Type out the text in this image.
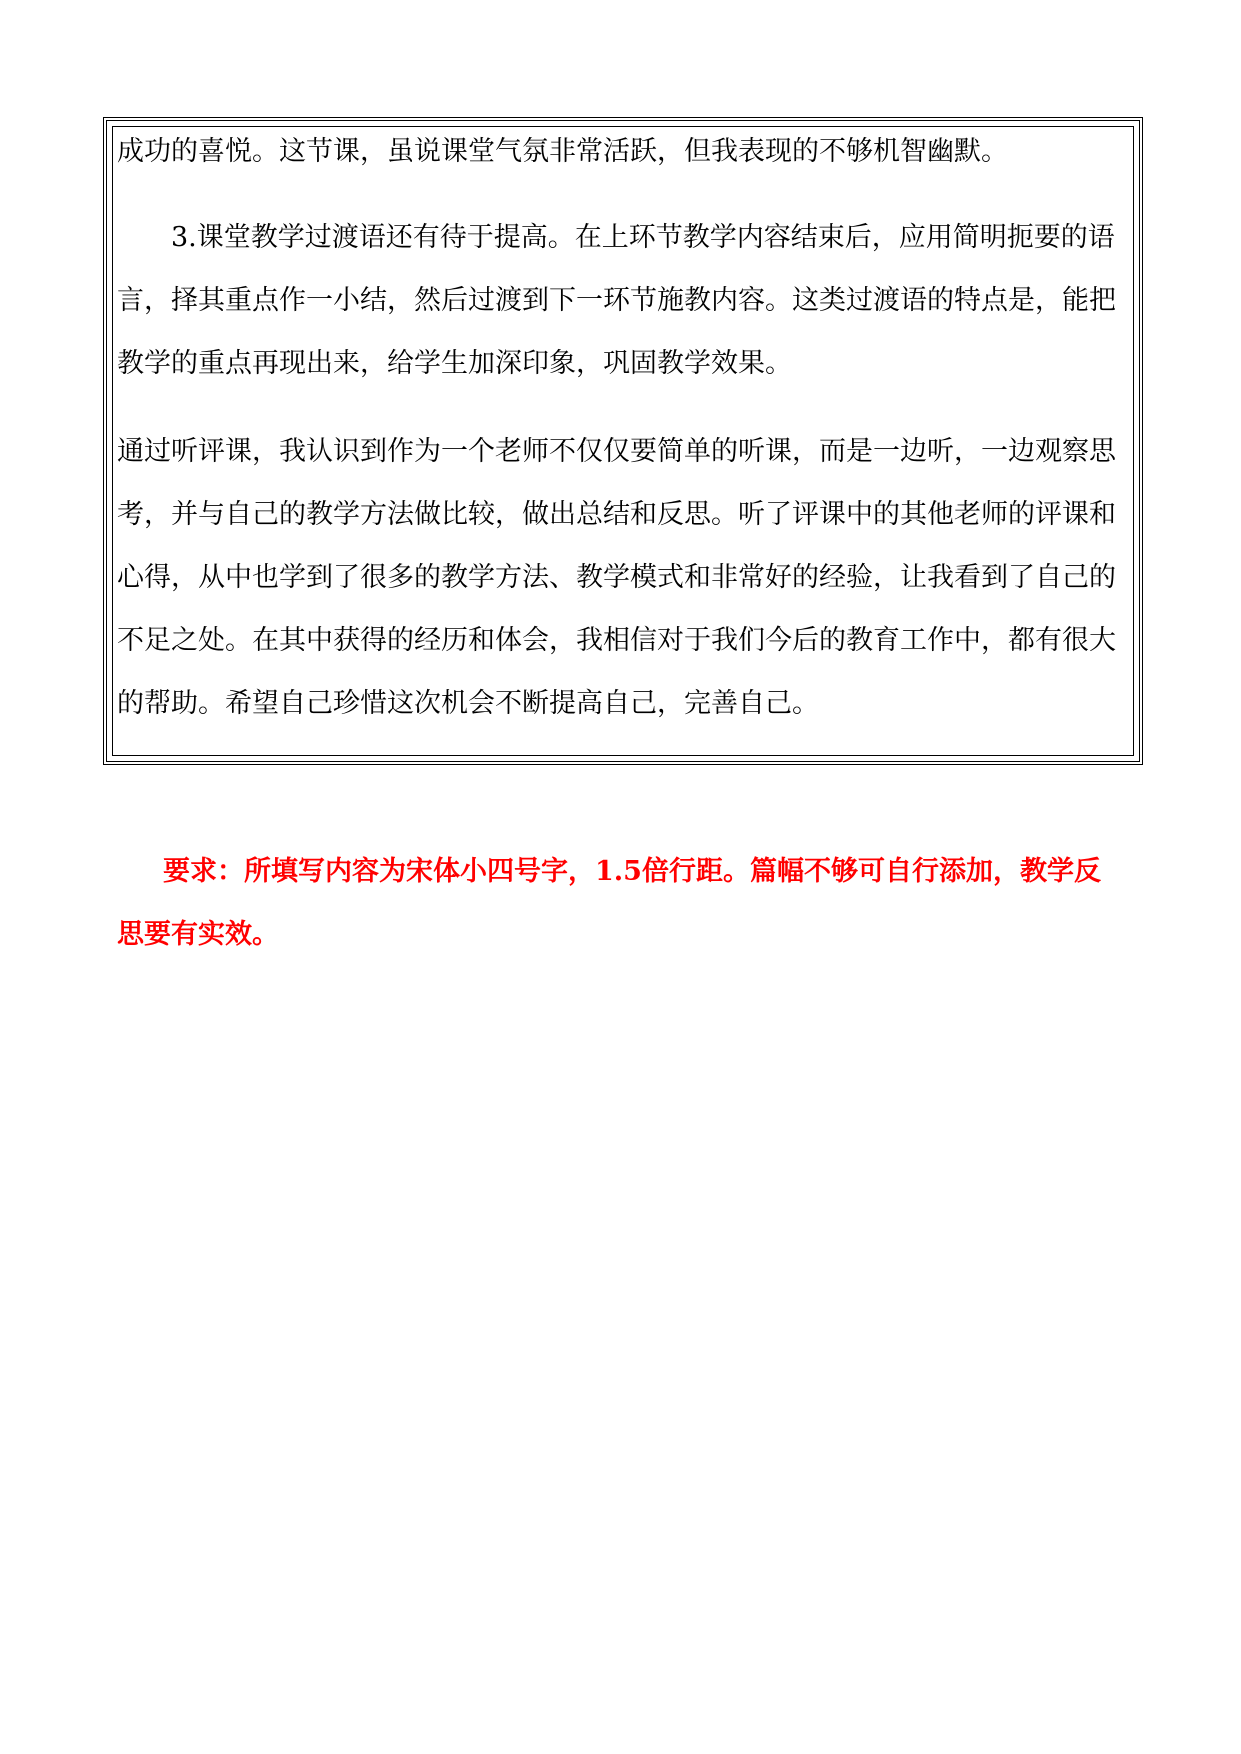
成功的喜悦。这节课，虽说课堂气氛非常活跃，但我表现的不够机智幽默。

3.课堂教学过渡语还有待于提高。在上环节教学内容结束后，应用简明扼要的语言，择其重点作一小结，然后过渡到下一环节施教内容。这类过渡语的特点是，能把教学的重点再现出来，给学生加深印象，巩固教学效果。

通过听评课，我认识到作为一个老师不仅仅要简单的听课，而是一边听，一边观察思考，并与自己的教学方法做比较，做出总结和反思。听了评课中的其他老师的评课和心得，从中也学到了很多的教学方法、教学模式和非常好的经验，让我看到了自己的不足之处。在其中获得的经历和体会，我相信对于我们今后的教育工作中，都有很大的帮助。希望自己珍惜这次机会不断提高自己，完善自己。

要求：所填写内容为宋体小四号字，1.5倍行距。篇幅不够可自行添加，教学反思要有实效。
